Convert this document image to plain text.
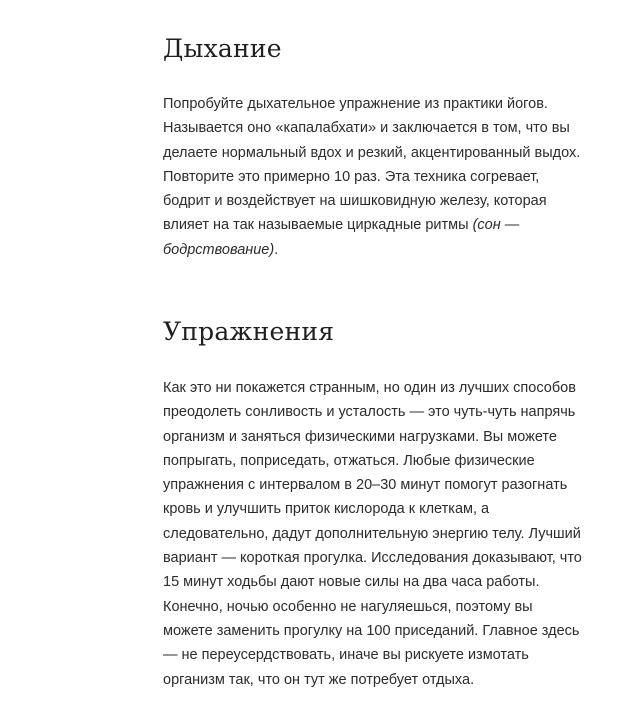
Дыхание

Попробуйте дыхательное упражнение из практики йогов.
Называется оно «капалабхати» и заключается в том, что вы
делаете нормальный вдох и резкий, акцентированный выдох.
Повторите это примерно 10 раз. Эта техника согревает,
бодрит и воздействует на шишковидную железу, которая
влияет на так называемые циркадные ритмы (сон —
бодрствование).

Упражнения

Как это ни покажется странным, но один из лучших способов
преодолеть сонливость и усталость — это чуть-чуть напрячь
организм и заняться физическими нагрузками. Вы можете
попрыгать, поприседать, отжаться. Любые физические
упражнения с интервалом в 20–30 минут помогут разогнать
кровь и улучшить приток кислорода к клеткам, а
следовательно, дадут дополнительную энергию телу. Лучший
вариант — короткая прогулка. Исследования доказывают, что
15 минут ходьбы дают новые силы на два часа работы.
Конечно, ночью особенно не нагуляешься, поэтому вы
можете заменить прогулку на 100 приседаний. Главное здесь
— не переусердствовать, иначе вы рискуете измотать
организм так, что он тут же потребует отдыха.
